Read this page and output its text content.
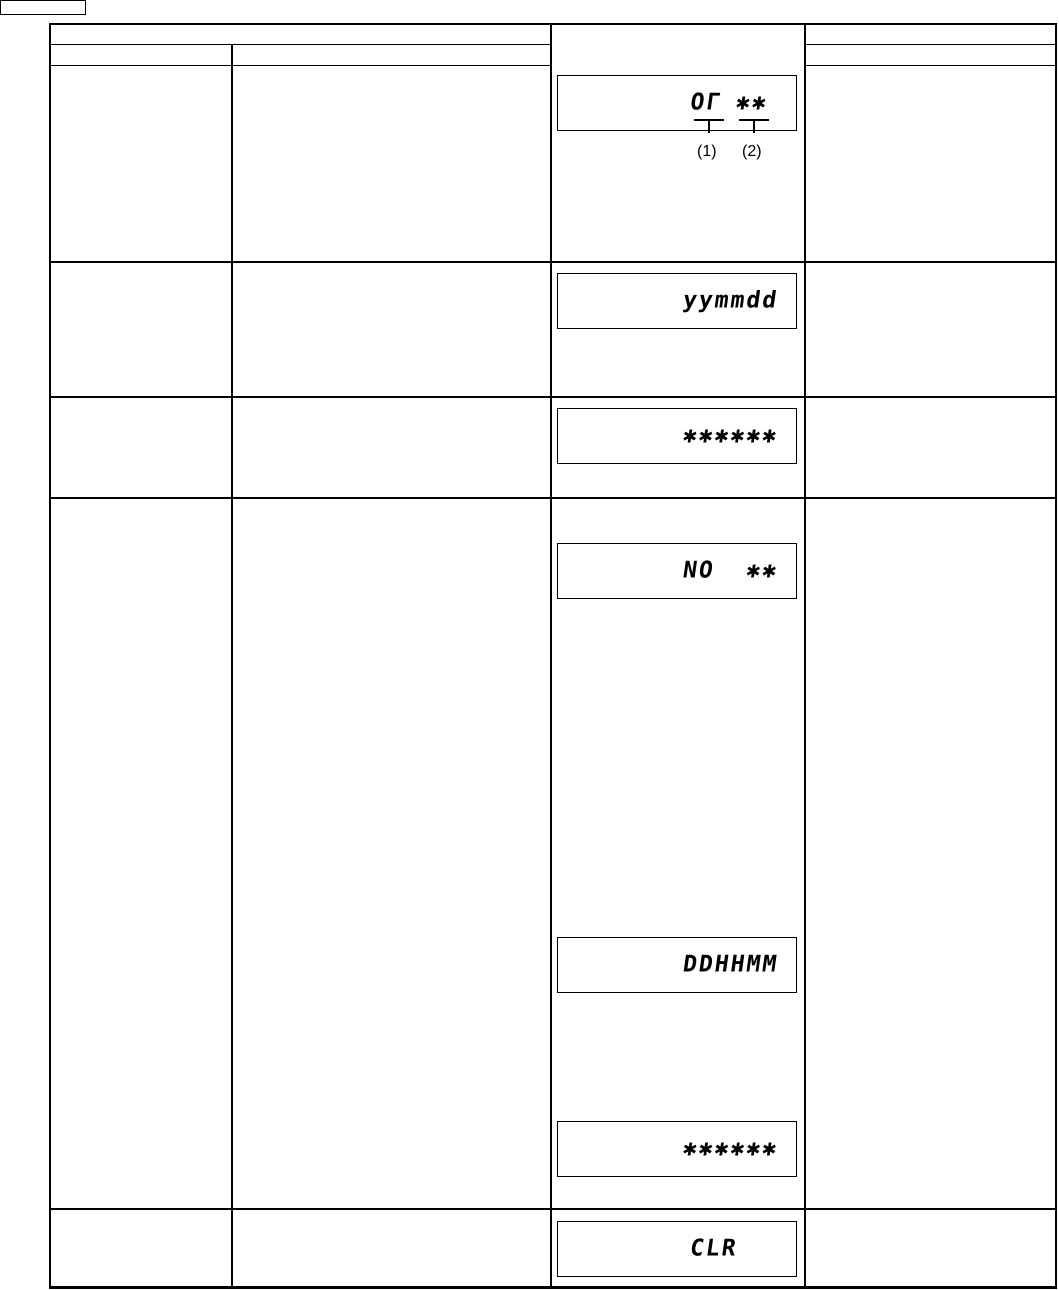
OΓ ✱✱

(1) (2)
yymmdd
✱✱✱✱✱✱
NO  ✱✱
DDHHMM
✱✱✱✱✱✱
CLR
